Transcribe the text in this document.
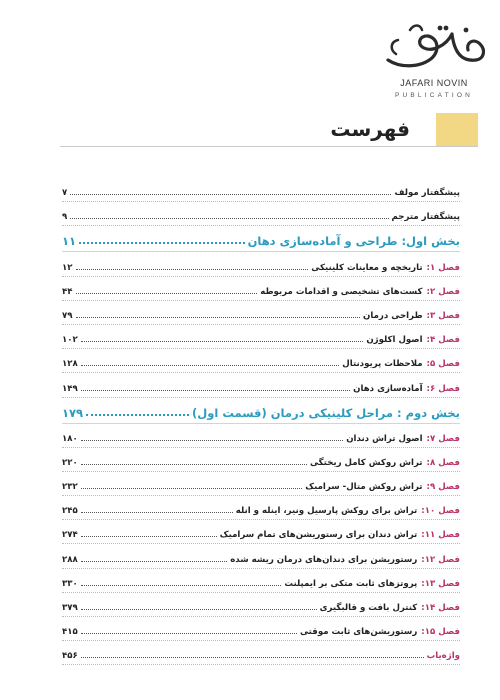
JAFARI NOVIN
PUBLICATION
فهرست
پیشگفتار مولف
۷
پیشگفتار مترجم
۹
بخش اول: طراحی و آماده‌سازی دهان
۱۱
فصل ۱:تاریخچه و معاینات کلینیکی
۱۲
فصل ۲:کست‌های تشخیصی و اقدامات مربوطه
۴۴
فصل ۳:طراحی درمان
۷۹
فصل ۴:اصول اکلوژن
۱۰۲
فصل ۵:ملاحظات پریودنتال
۱۲۸
فصل ۶:آماده‌سازی دهان
۱۴۹
بخش دوم : مراحل کلینیکی درمان (قسمت اول)
۱۷۹
فصل ۷:اصول تراش دندان
۱۸۰
فصل ۸:تراش روکش کامل ریختگی
۲۲۰
فصل ۹:تراش روکش متال- سرامیک
۲۳۲
فصل ۱۰:تراش برای روکش پارسیل ونیر، اینله و انله
۲۴۵
فصل ۱۱:تراش دندان برای رستوریشن‌های تمام سرامیک
۲۷۴
فصل ۱۲:رستوریشن برای دندان‌های درمان ریشه شده
۲۸۸
فصل ۱۳:پروتزهای ثابت متکی بر ایمپلنت
۳۳۰
فصل ۱۴:کنترل بافت و قالبگیری
۳۷۹
فصل ۱۵:رستوریشن‌های ثابت موقتی
۴۱۵
واژه‌یاب
۴۵۶
